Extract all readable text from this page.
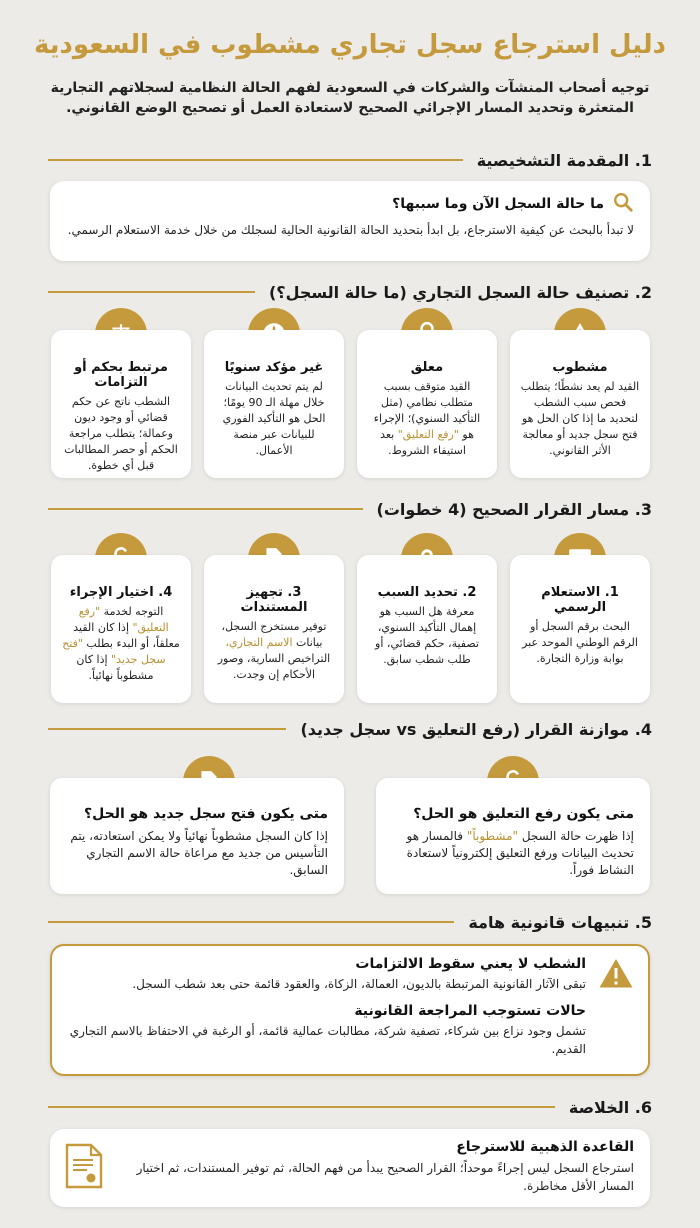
دليل استرجاع سجل تجاري مشطوب في السعودية
توجيه أصحاب المنشآت والشركات في السعودية لفهم الحالة النظامية لسجلاتهم التجارية
المتعثرة وتحديد المسار الإجرائي الصحيح لاستعادة العمل أو تصحيح الوضع القانوني.
1. المقدمة التشخيصية
ما حالة السجل الآن وما سببها؟
لا تبدأ بالبحث عن كيفية الاسترجاع، بل ابدأ بتحديد الحالة القانونية الحالية لسجلك من خلال خدمة الاستعلام الرسمي.
2. تصنيف حالة السجل التجاري (ما حالة السجل؟)
مشطوب
القيد لم يعد نشطًا؛ يتطلب فحص سبب الشطب لتحديد ما إذا كان الحل هو فتح سجل جديد أو معالجة الأثر القانوني.
معلق
القيد متوقف بسبب متطلب نظامي (مثل التأكيد السنوي)؛ الإجراء هو "رفع التعليق" بعد استيفاء الشروط.
غير مؤكد سنويًا
لم يتم تحديث البيانات خلال مهلة الـ 90 يومًا؛ الحل هو التأكيد الفوري للبيانات عبر منصة الأعمال.
مرتبط بحكم أو التزامات
الشطب ناتج عن حكم قضائي أو وجود ديون وعمالة؛ يتطلب مراجعة الحكم أو حصر المطالبات قبل أي خطوة.
3. مسار القرار الصحيح (4 خطوات)
1. الاستعلام الرسمي
البحث برقم السجل أو الرقم الوطني الموحد عبر بوابة وزارة التجارة.
2. تحديد السبب
معرفة هل السبب هو إهمال التأكيد السنوي، تصفية، حكم قضائي، أو طلب شطب سابق.
3. تجهيز المستندات
توفير مستخرج السجل، بيانات الاسم التجاري، التراخيص السارية، وصور الأحكام إن وجدت.
4. اختيار الإجراء
التوجه لخدمة "رفع التعليق" إذا كان القيد معلقاً، أو البدء بطلب "فتح سجل جديد" إذا كان مشطوباً نهائياً.
4. موازنة القرار (رفع التعليق vs سجل جديد)
متى يكون رفع التعليق هو الحل؟
إذا ظهرت حالة السجل "مشطوباً" فالمسار هو تحديث البيانات ورفع التعليق إلكترونياً لاستعادة النشاط فوراً.
متى يكون فتح سجل جديد هو الحل؟
إذا كان السجل مشطوباً نهائياً ولا يمكن استعادته، يتم التأسيس من جديد مع مراعاة حالة الاسم التجاري السابق.
5. تنبيهات قانونية هامة
الشطب لا يعني سقوط الالتزامات
تبقى الآثار القانونية المرتبطة بالديون، العمالة، الزكاة، والعقود قائمة حتى بعد شطب السجل.
حالات تستوجب المراجعة القانونية
تشمل وجود نزاع بين شركاء، تصفية شركة، مطالبات عمالية قائمة، أو الرغبة في الاحتفاظ بالاسم التجاري القديم.
6. الخلاصة
القاعدة الذهبية للاسترجاع
استرجاع السجل ليس إجراءً موحداً؛ القرار الصحيح يبدأ من فهم الحالة، ثم توفير المستندات، ثم اختيار المسار الأقل مخاطرة.
